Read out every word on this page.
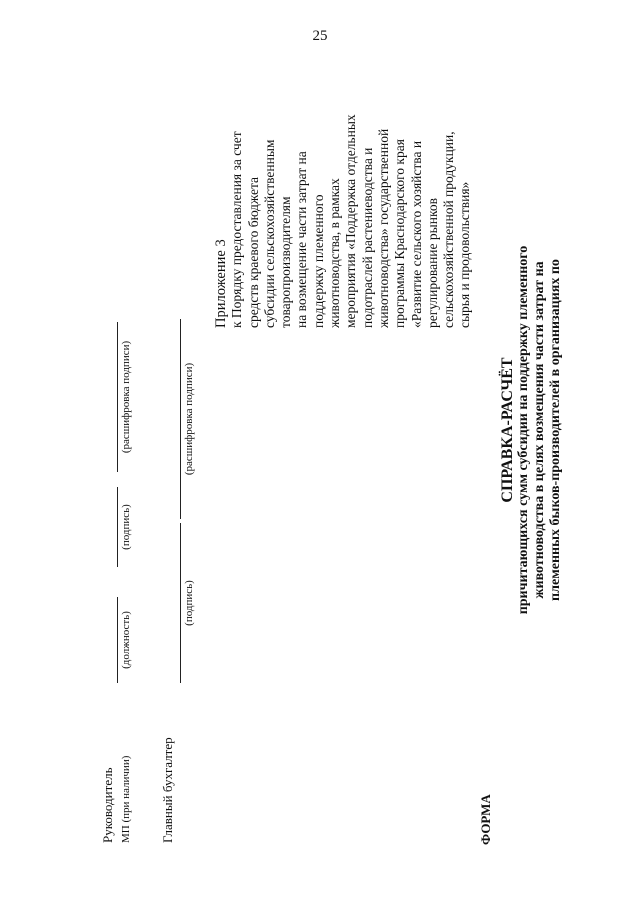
25
Приложение 3 к Порядку предоставления за счет средств краевого бюджета субсидии сельскохозяйственным товаропроизводителям на возмещение части затрат на поддержку племенного животноводства, в рамках мероприятия «Поддержка отдельных подотраслей растениеводства и животноводства» государственной программы Краснодарского края «Развитие сельского хозяйства и регулирование рынков сельскохозяйственной продукции, сырья и продовольствия»
Руководитель МП (при наличии)
(должность)
(подпись)
(расшифровка подписи)
Главный бухгалтер
(подпись)
(расшифровка подписи)
ФОРМА
СПРАВКА-РАСЧЁТ причитающихся сумм субсидии на поддержку племенного животноводства в целях возмещения части затрат на племенных быков-производителей в организациях по
